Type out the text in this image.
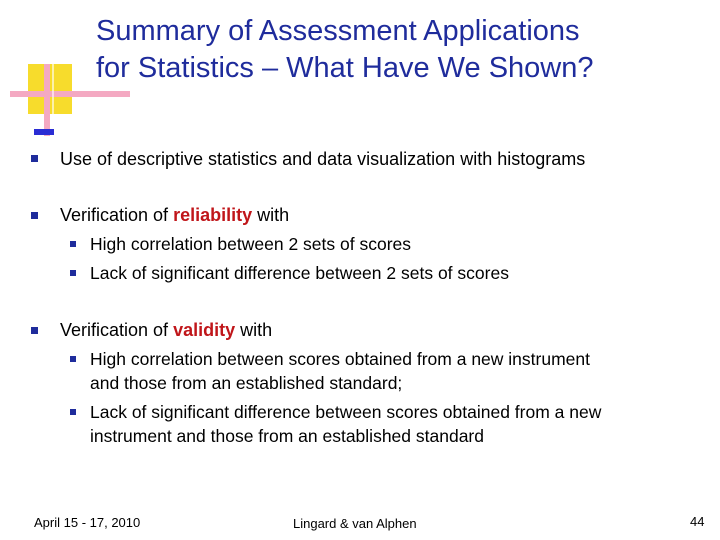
Summary of Assessment Applications
for Statistics – What Have We Shown?
Use of descriptive statistics and data visualization with histograms
Verification of reliability with
High correlation between 2 sets of scores
Lack of significant difference between 2 sets of scores
Verification of validity with
High correlation between scores obtained from a new instrument
and those from an established standard;
Lack of significant difference between scores obtained from a new
instrument and those from an established standard
April 15 - 17, 2010	Lingard & van Alphen	44
